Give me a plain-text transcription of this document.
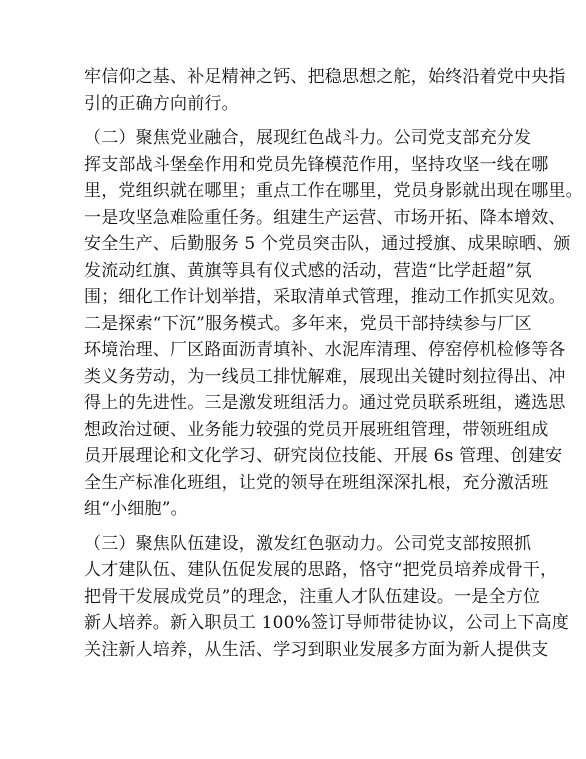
牢信仰之基、补足精神之钙、把稳思想之舵，始终沿着党中央指
引的正确方向前行。
（二）聚焦党业融合，展现红色战斗力。公司党支部充分发
挥支部战斗堡垒作用和党员先锋模范作用，坚持攻坚一线在哪
里，党组织就在哪里；重点工作在哪里，党员身影就出现在哪里。
一是攻坚急难险重任务。组建生产运营、市场开拓、降本增效、
安全生产、后勤服务 5 个党员突击队，通过授旗、成果晾晒、颁
发流动红旗、黄旗等具有仪式感的活动，营造“比学赶超”氛
围；细化工作计划举措，采取清单式管理，推动工作抓实见效。
二是探索“下沉”服务模式。多年来，党员干部持续参与厂区
环境治理、厂区路面沥青填补、水泥库清理、停窑停机检修等各
类义务劳动，为一线员工排忧解难，展现出关键时刻拉得出、冲
得上的先进性。三是激发班组活力。通过党员联系班组，遴选思
想政治过硬、业务能力较强的党员开展班组管理，带领班组成
员开展理论和文化学习、研究岗位技能、开展 6s 管理、创建安
全生产标准化班组，让党的领导在班组深深扎根，充分激活班
组“小细胞”。
（三）聚焦队伍建设，激发红色驱动力。公司党支部按照抓
人才建队伍、建队伍促发展的思路，恪守“把党员培养成骨干，
把骨干发展成党员”的理念，注重人才队伍建设。一是全方位
新人培养。新入职员工 100%签订导师带徒协议，公司上下高度
关注新人培养，从生活、学习到职业发展多方面为新人提供支
